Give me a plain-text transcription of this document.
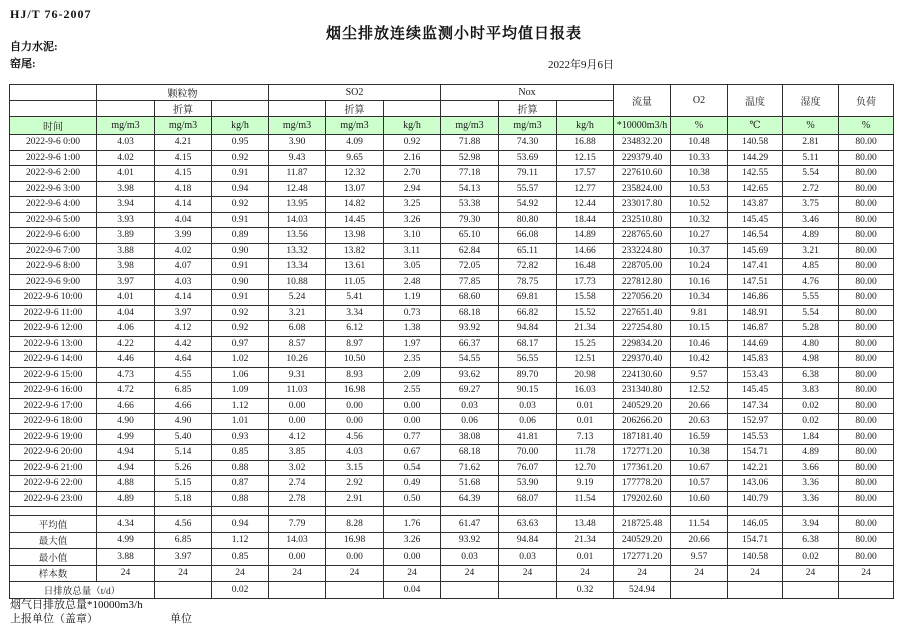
HJ/T 76-2007
烟尘排放连续监测小时平均值日报表
自力水泥:
窑尾:	2022年9月6日
	颗粒物			SO2			Nox			流量	O2	温度	湿度	负荷
		折算			折算			折算						
时间	mg/m3	mg/m3	kg/h	mg/m3	mg/m3	kg/h	mg/m3	mg/m3	kg/h	*10000m3/h	%	℃	%	%
2022-9-6 0:00	4.03	4.21	0.95	3.90	4.09	0.92	71.88	74.30	16.88	234832.20	10.48	140.58	2.81	80.00
2022-9-6 1:00	4.02	4.15	0.92	9.43	9.65	2.16	52.98	53.69	12.15	229379.40	10.33	144.29	5.11	80.00
2022-9-6 2:00	4.01	4.15	0.91	11.87	12.32	2.70	77.18	79.11	17.57	227610.60	10.38	142.55	5.54	80.00
2022-9-6 3:00	3.98	4.18	0.94	12.48	13.07	2.94	54.13	55.57	12.77	235824.00	10.53	142.65	2.72	80.00
2022-9-6 4:00	3.94	4.14	0.92	13.95	14.82	3.25	53.38	54.92	12.44	233017.80	10.52	143.87	3.75	80.00
2022-9-6 5:00	3.93	4.04	0.91	14.03	14.45	3.26	79.30	80.80	18.44	232510.80	10.32	145.45	3.46	80.00
2022-9-6 6:00	3.89	3.99	0.89	13.56	13.98	3.10	65.10	66.08	14.89	228765.60	10.27	146.54	4.89	80.00
2022-9-6 7:00	3.88	4.02	0.90	13.32	13.82	3.11	62.84	65.11	14.66	233224.80	10.37	145.69	3.21	80.00
2022-9-6 8:00	3.98	4.07	0.91	13.34	13.61	3.05	72.05	72.82	16.48	228705.00	10.24	147.41	4.85	80.00
2022-9-6 9:00	3.97	4.03	0.90	10.88	11.05	2.48	77.85	78.75	17.73	227812.80	10.16	147.51	4.76	80.00
2022-9-6 10:00	4.01	4.14	0.91	5.24	5.41	1.19	68.60	69.81	15.58	227056.20	10.34	146.86	5.55	80.00
2022-9-6 11:00	4.04	3.97	0.92	3.21	3.34	0.73	68.18	66.82	15.52	227651.40	9.81	148.91	5.54	80.00
2022-9-6 12:00	4.06	4.12	0.92	6.08	6.12	1.38	93.92	94.84	21.34	227254.80	10.15	146.87	5.28	80.00
2022-9-6 13:00	4.22	4.42	0.97	8.57	8.97	1.97	66.37	68.17	15.25	229834.20	10.46	144.69	4.80	80.00
2022-9-6 14:00	4.46	4.64	1.02	10.26	10.50	2.35	54.55	56.55	12.51	229370.40	10.42	145.83	4.98	80.00
2022-9-6 15:00	4.73	4.55	1.06	9.31	8.93	2.09	93.62	89.70	20.98	224130.60	9.57	153.43	6.38	80.00
2022-9-6 16:00	4.72	6.85	1.09	11.03	16.98	2.55	69.27	90.15	16.03	231340.80	12.52	145.45	3.83	80.00
2022-9-6 17:00	4.66	4.66	1.12	0.00	0.00	0.00	0.03	0.03	0.01	240529.20	20.66	147.34	0.02	80.00
2022-9-6 18:00	4.90	4.90	1.01	0.00	0.00	0.00	0.06	0.06	0.01	206266.20	20.63	152.97	0.02	80.00
2022-9-6 19:00	4.99	5.40	0.93	4.12	4.56	0.77	38.08	41.81	7.13	187181.40	16.59	145.53	1.84	80.00
2022-9-6 20:00	4.94	5.14	0.85	3.85	4.03	0.67	68.18	70.00	11.78	172771.20	10.38	154.71	4.89	80.00
2022-9-6 21:00	4.94	5.26	0.88	3.02	3.15	0.54	71.62	76.07	12.70	177361.20	10.67	142.21	3.66	80.00
2022-9-6 22:00	4.88	5.15	0.87	2.74	2.92	0.49	51.68	53.90	9.19	177778.20	10.57	143.06	3.36	80.00
2022-9-6 23:00	4.89	5.18	0.88	2.78	2.91	0.50	64.39	68.07	11.54	179202.60	10.60	140.79	3.36	80.00

平均值	4.34	4.56	0.94	7.79	8.28	1.76	61.47	63.63	13.48	218725.48	11.54	146.05	3.94	80.00
最大值	4.99	6.85	1.12	14.03	16.98	3.26	93.92	94.84	21.34	240529.20	20.66	154.71	6.38	80.00
最小值	3.88	3.97	0.85	0.00	0.00	0.00	0.03	0.03	0.01	172771.20	9.57	140.58	0.02	80.00
样本数	24	24	24	24	24	24	24	24	24	24	24	24	24	24
日排放总量（t/d）			0.02			0.04			0.32	524.94				
烟气日排放总量*10000m3/h
上报单位（盖章）	单位
